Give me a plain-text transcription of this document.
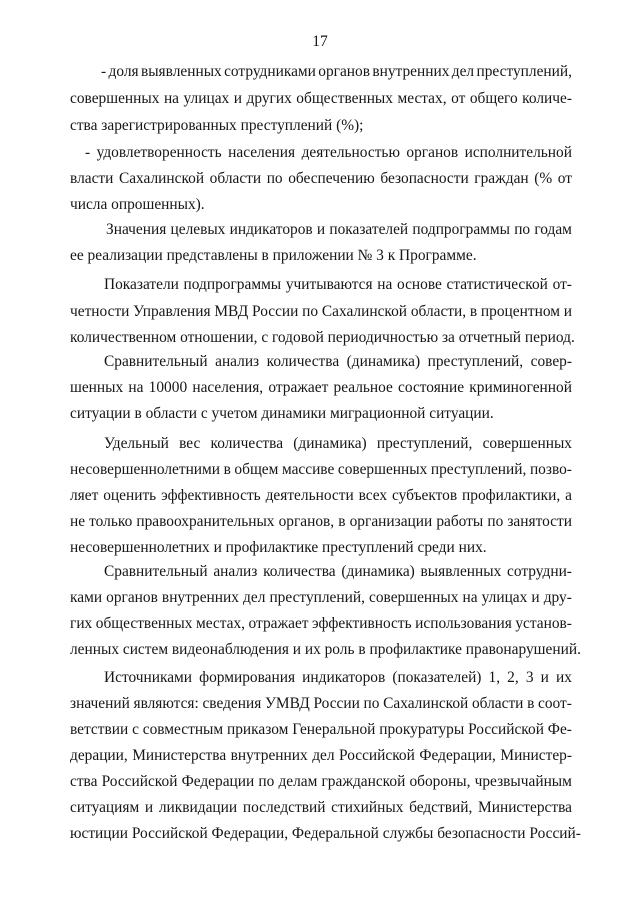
17
- доля выявленных сотрудниками органов внутренних дел преступлений,
совершенных на улицах и других общественных местах, от общего количе-
ства зарегистрированных преступлений (%);
- удовлетворенность населения деятельностью органов исполнительной
власти Сахалинской области по обеспечению безопасности граждан (% от
числа опрошенных).
Значения целевых индикаторов и показателей подпрограммы по годам
ее реализации представлены в приложении № 3 к Программе.
Показатели подпрограммы учитываются на основе статистической от-
четности Управления МВД России по Сахалинской области, в процентном и
количественном отношении, с годовой периодичностью за отчетный период.
Сравнительный анализ количества (динамика) преступлений, совер-
шенных на 10000 населения, отражает реальное состояние криминогенной
ситуации в области с учетом динамики миграционной ситуации.
Удельный вес количества (динамика) преступлений, совершенных
несовершеннолетними в общем массиве совершенных преступлений, позво-
ляет оценить эффективность деятельности всех субъектов профилактики, а
не только правоохранительных органов, в организации работы по занятости
несовершеннолетних и профилактике преступлений среди них.
Сравнительный анализ количества (динамика) выявленных сотрудни-
ками органов внутренних дел преступлений, совершенных на улицах и дру-
гих общественных местах, отражает эффективность использования установ-
ленных систем видеонаблюдения и их роль в профилактике правонарушений.
Источниками формирования индикаторов (показателей) 1, 2, 3 и их
значений являются: сведения УМВД России по Сахалинской области в соот-
ветствии с совместным приказом Генеральной прокуратуры Российской Фе-
дерации, Министерства внутренних дел Российской Федерации, Министер-
ства Российской Федерации по делам гражданской обороны, чрезвычайным
ситуациям и ликвидации последствий стихийных бедствий, Министерства
юстиции Российской Федерации, Федеральной службы безопасности Россий-
